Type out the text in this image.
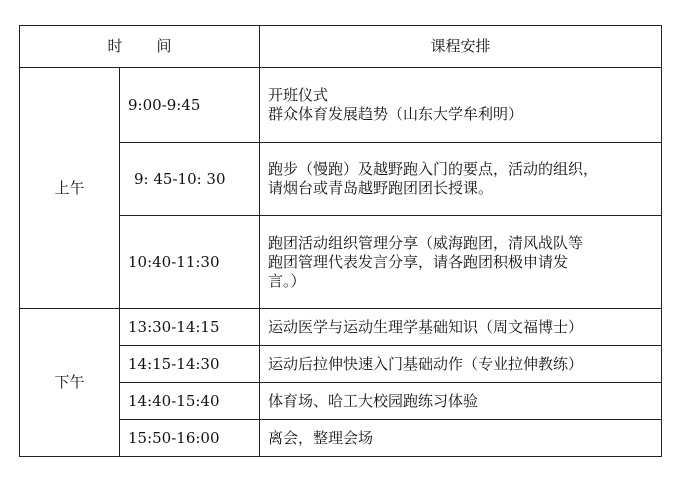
时 间		课程安排
上午	9:00-9:45	开班仪式
群众体育发展趋势（山东大学牟利明）

	9: 45-10: 30	跑步（慢跑）及越野跑入门的要点，活动的组织，
请烟台或青岛越野跑团团长授课。

	10:40-11:30	跑团活动组织管理分享（威海跑团，清风战队等
跑团管理代表发言分享，请各跑团积极申请发
言。）

下午	13:30-14:15	运动医学与运动生理学基础知识（周文福博士）

	14:15-14:30	运动后拉伸快速入门基础动作（专业拉伸教练）

	14:40-15:40	体育场、哈工大校园跑练习体验

	15:50-16:00	离会，整理会场
